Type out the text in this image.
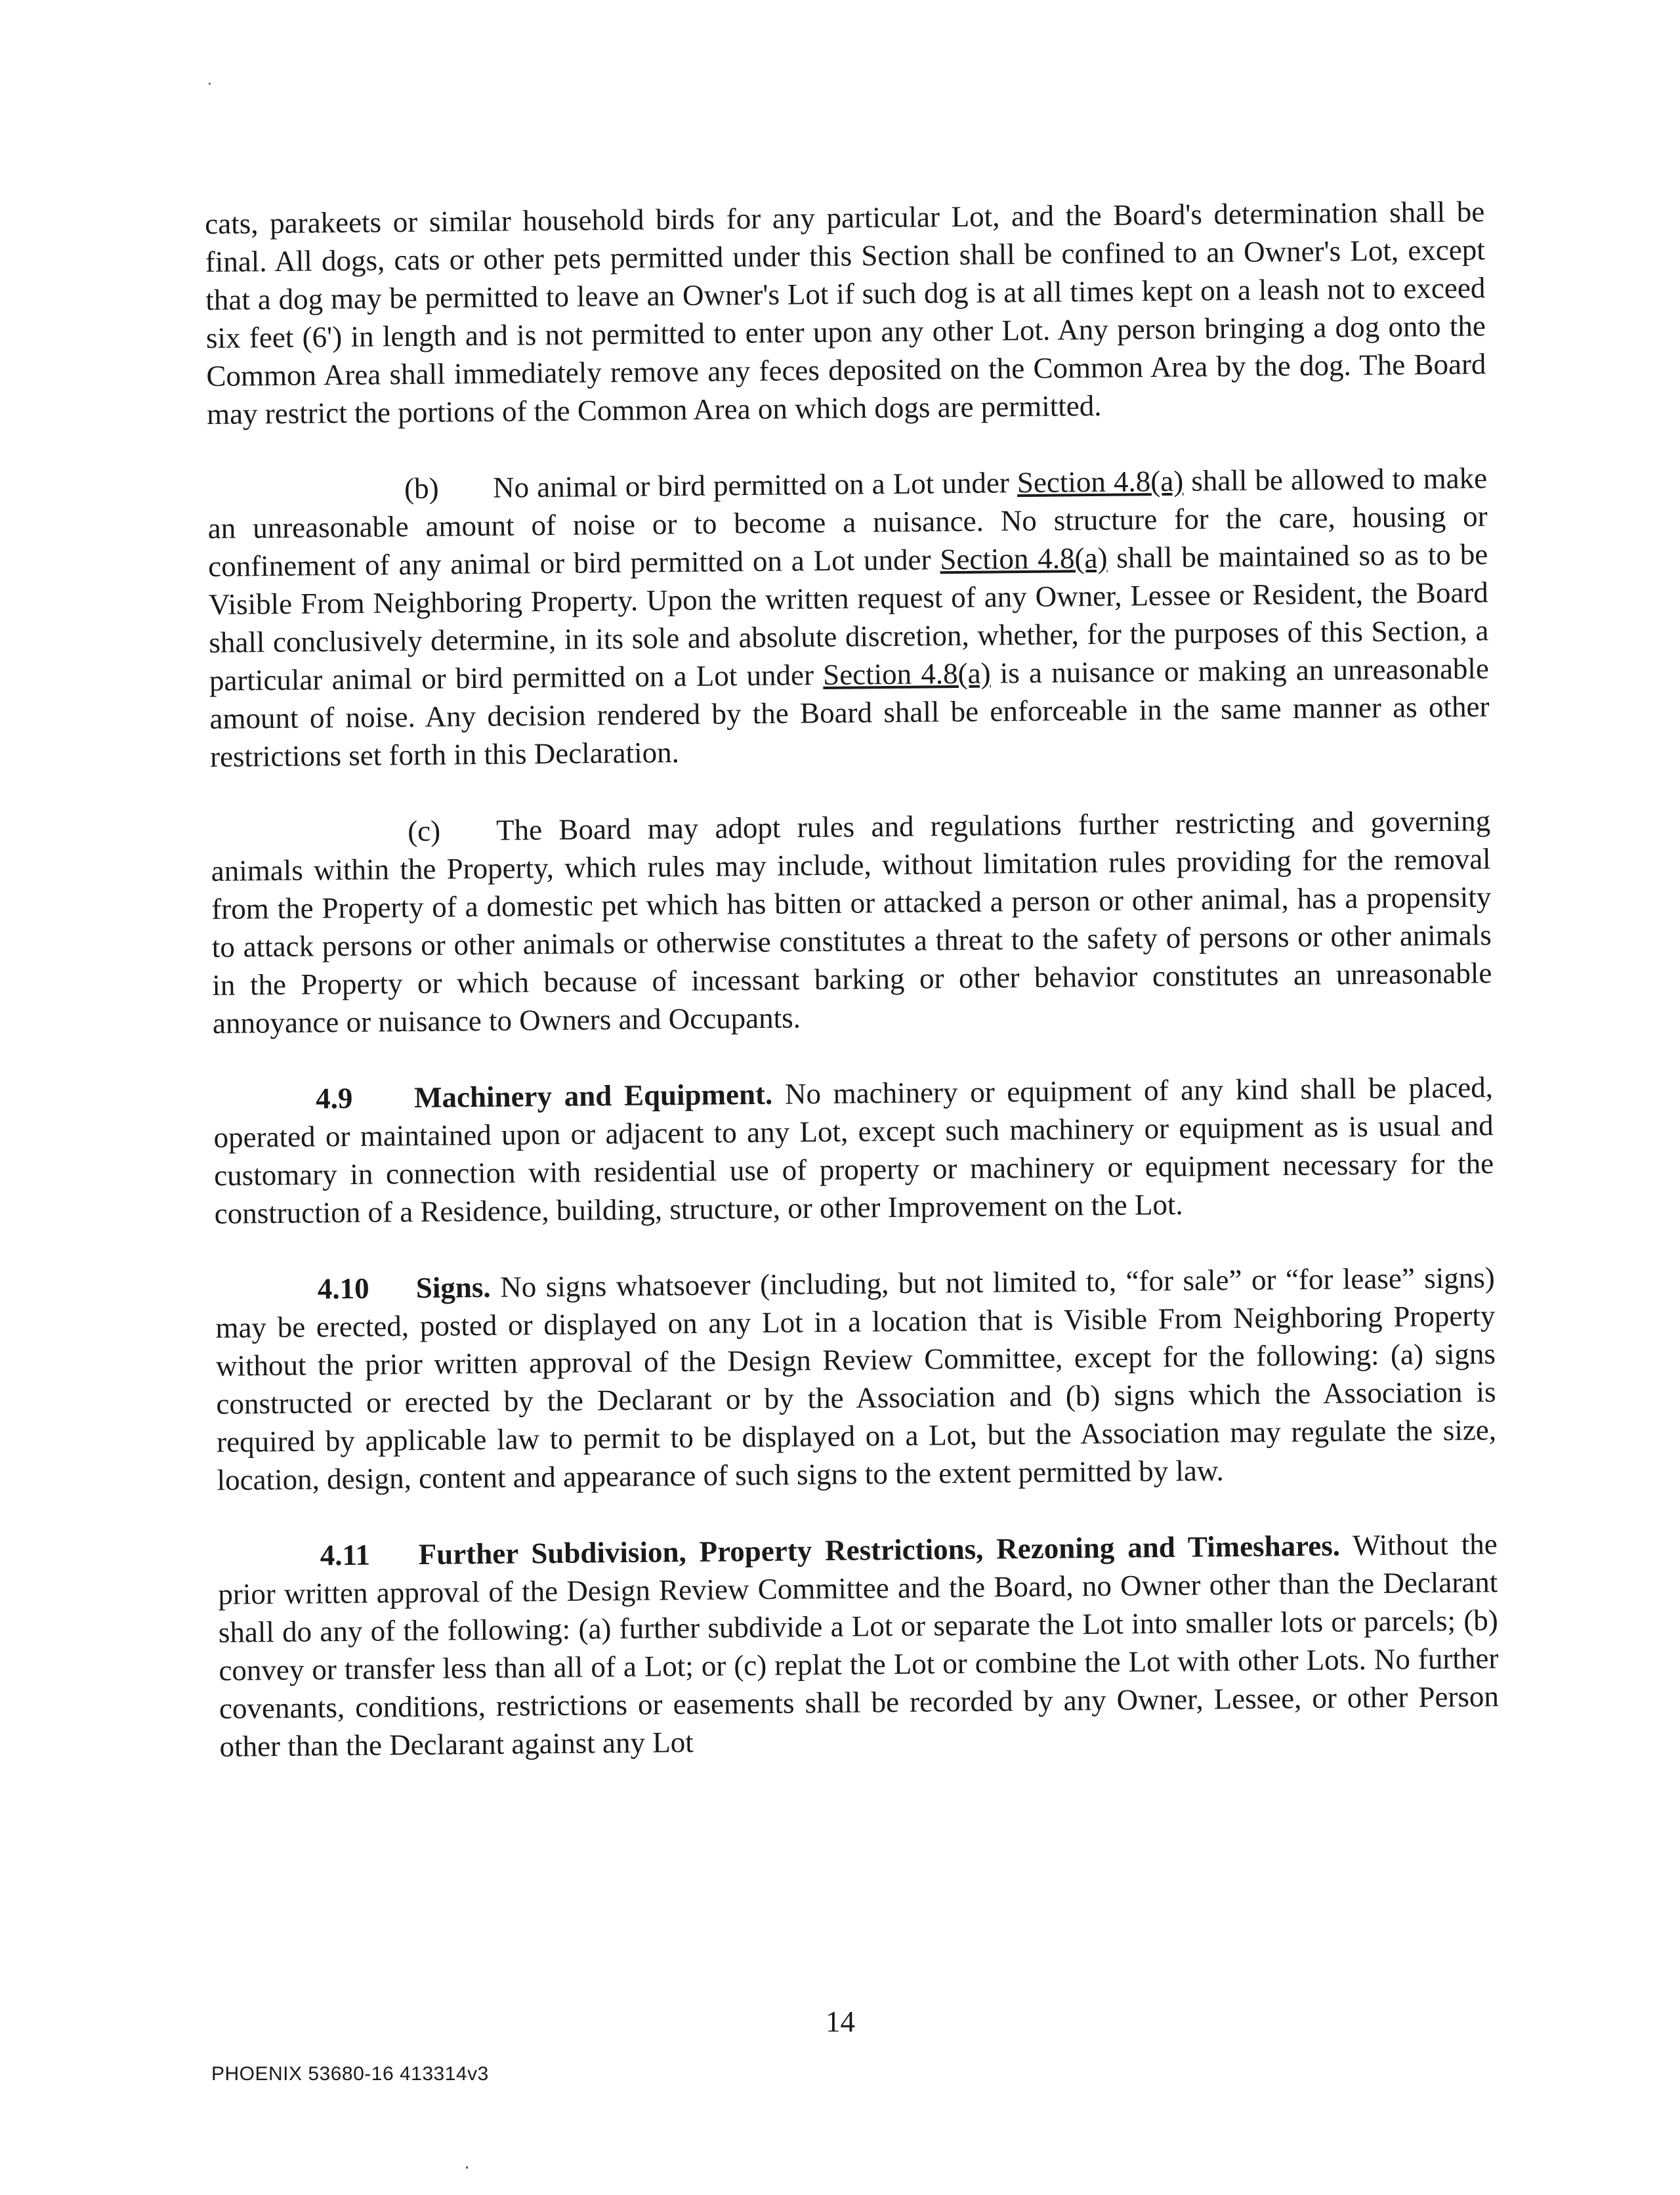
cats, parakeets or similar household birds for any particular Lot, and the Board's determination shall be final. All dogs, cats or other pets permitted under this Section shall be confined to an Owner's Lot, except that a dog may be permitted to leave an Owner's Lot if such dog is at all times kept on a leash not to exceed six feet (6') in length and is not permitted to enter upon any other Lot. Any person bringing a dog onto the Common Area shall immediately remove any feces deposited on the Common Area by the dog. The Board may restrict the portions of the Common Area on which dogs are permitted.

(b) No animal or bird permitted on a Lot under Section 4.8(a) shall be allowed to make an unreasonable amount of noise or to become a nuisance. No structure for the care, housing or confinement of any animal or bird permitted on a Lot under Section 4.8(a) shall be maintained so as to be Visible From Neighboring Property. Upon the written request of any Owner, Lessee or Resident, the Board shall conclusively determine, in its sole and absolute discretion, whether, for the purposes of this Section, a particular animal or bird permitted on a Lot under Section 4.8(a) is a nuisance or making an unreasonable amount of noise. Any decision rendered by the Board shall be enforceable in the same manner as other restrictions set forth in this Declaration.

(c) The Board may adopt rules and regulations further restricting and governing animals within the Property, which rules may include, without limitation rules providing for the removal from the Property of a domestic pet which has bitten or attacked a person or other animal, has a propensity to attack persons or other animals or otherwise constitutes a threat to the safety of persons or other animals in the Property or which because of incessant barking or other behavior constitutes an unreasonable annoyance or nuisance to Owners and Occupants.

4.9 Machinery and Equipment. No machinery or equipment of any kind shall be placed, operated or maintained upon or adjacent to any Lot, except such machinery or equipment as is usual and customary in connection with residential use of property or machinery or equipment necessary for the construction of a Residence, building, structure, or other Improvement on the Lot.

4.10 Signs. No signs whatsoever (including, but not limited to, “for sale” or “for lease” signs) may be erected, posted or displayed on any Lot in a location that is Visible From Neighboring Property without the prior written approval of the Design Review Committee, except for the following: (a) signs constructed or erected by the Declarant or by the Association and (b) signs which the Association is required by applicable law to permit to be displayed on a Lot, but the Association may regulate the size, location, design, content and appearance of such signs to the extent permitted by law.

4.11 Further Subdivision, Property Restrictions, Rezoning and Timeshares. Without the prior written approval of the Design Review Committee and the Board, no Owner other than the Declarant shall do any of the following: (a) further subdivide a Lot or separate the Lot into smaller lots or parcels; (b) convey or transfer less than all of a Lot; or (c) replat the Lot or combine the Lot with other Lots. No further covenants, conditions, restrictions or easements shall be recorded by any Owner, Lessee, or other Person other than the Declarant against any Lot

14
PHOENIX 53680-16 413314v3
